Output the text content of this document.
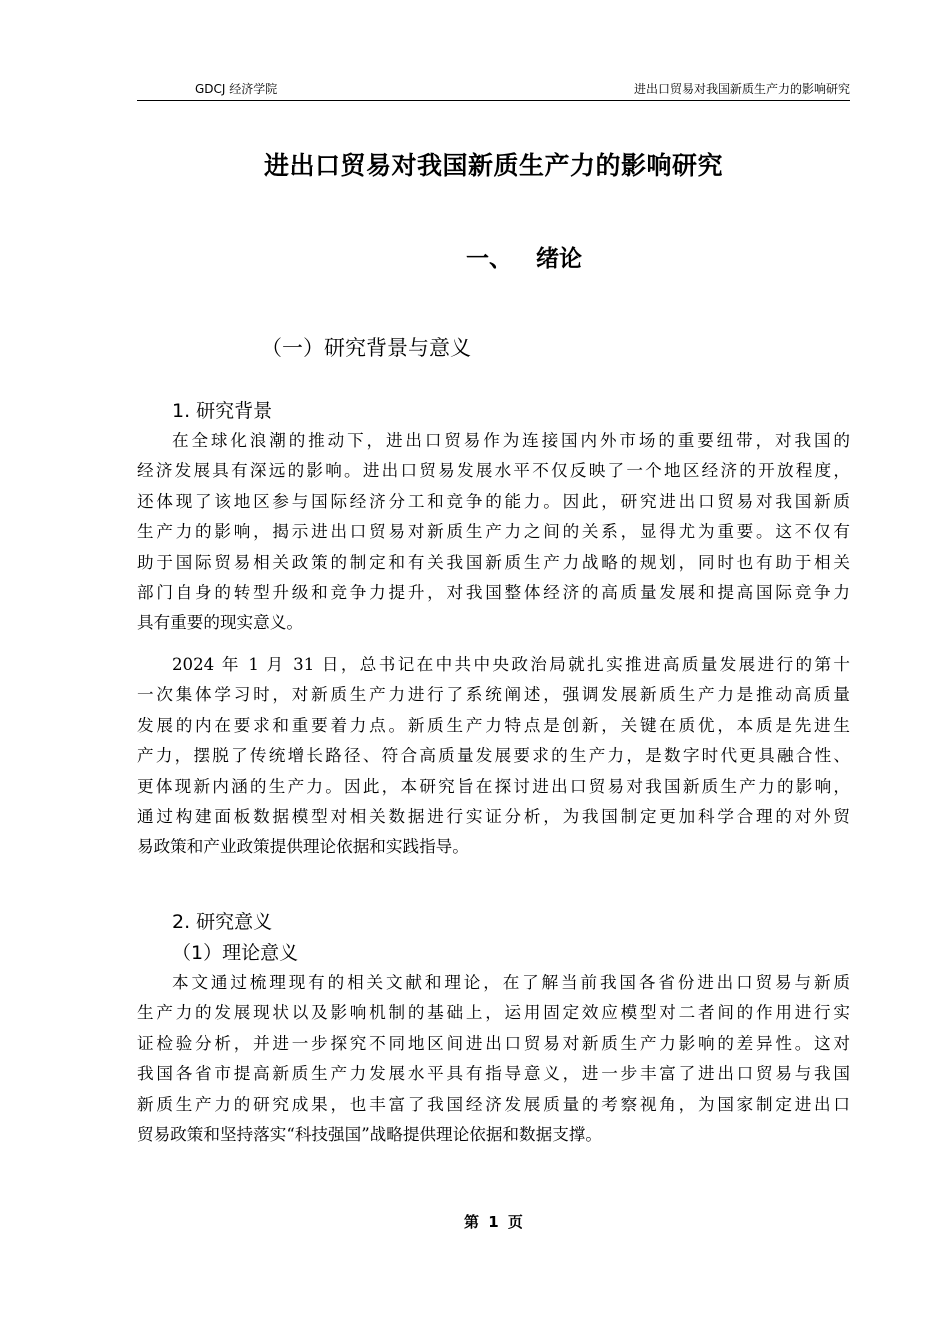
GDCJ 经济学院	进出口贸易对我国新质生产力的影响研究
进出口贸易对我国新质生产力的影响研究
一、 绪论
（一）研究背景与意义
1. 研究背景
在全球化浪潮的推动下，进出口贸易作为连接国内外市场的重要纽带，对我国的
经济发展具有深远的影响。进出口贸易发展水平不仅反映了一个地区经济的开放程度，
还体现了该地区参与国际经济分工和竞争的能力。因此，研究进出口贸易对我国新质
生产力的影响，揭示进出口贸易对新质生产力之间的关系，显得尤为重要。这不仅有
助于国际贸易相关政策的制定和有关我国新质生产力战略的规划，同时也有助于相关
部门自身的转型升级和竞争力提升，对我国整体经济的高质量发展和提高国际竞争力
具有重要的现实意义。
2024 年 1 月 31 日，总书记在中共中央政治局就扎实推进高质量发展进行的第十
一次集体学习时，对新质生产力进行了系统阐述，强调发展新质生产力是推动高质量
发展的内在要求和重要着力点。新质生产力特点是创新，关键在质优，本质是先进生
产力，摆脱了传统增长路径、符合高质量发展要求的生产力，是数字时代更具融合性、
更体现新内涵的生产力。因此，本研究旨在探讨进出口贸易对我国新质生产力的影响，
通过构建面板数据模型对相关数据进行实证分析，为我国制定更加科学合理的对外贸
易政策和产业政策提供理论依据和实践指导。
2. 研究意义
（1）理论意义
本文通过梳理现有的相关文献和理论，在了解当前我国各省份进出口贸易与新质
生产力的发展现状以及影响机制的基础上，运用固定效应模型对二者间的作用进行实
证检验分析，并进一步探究不同地区间进出口贸易对新质生产力影响的差异性。这对
我国各省市提高新质生产力发展水平具有指导意义，进一步丰富了进出口贸易与我国
新质生产力的研究成果，也丰富了我国经济发展质量的考察视角，为国家制定进出口
贸易政策和坚持落实“科技强国”战略提供理论依据和数据支撑。
第 1 页
